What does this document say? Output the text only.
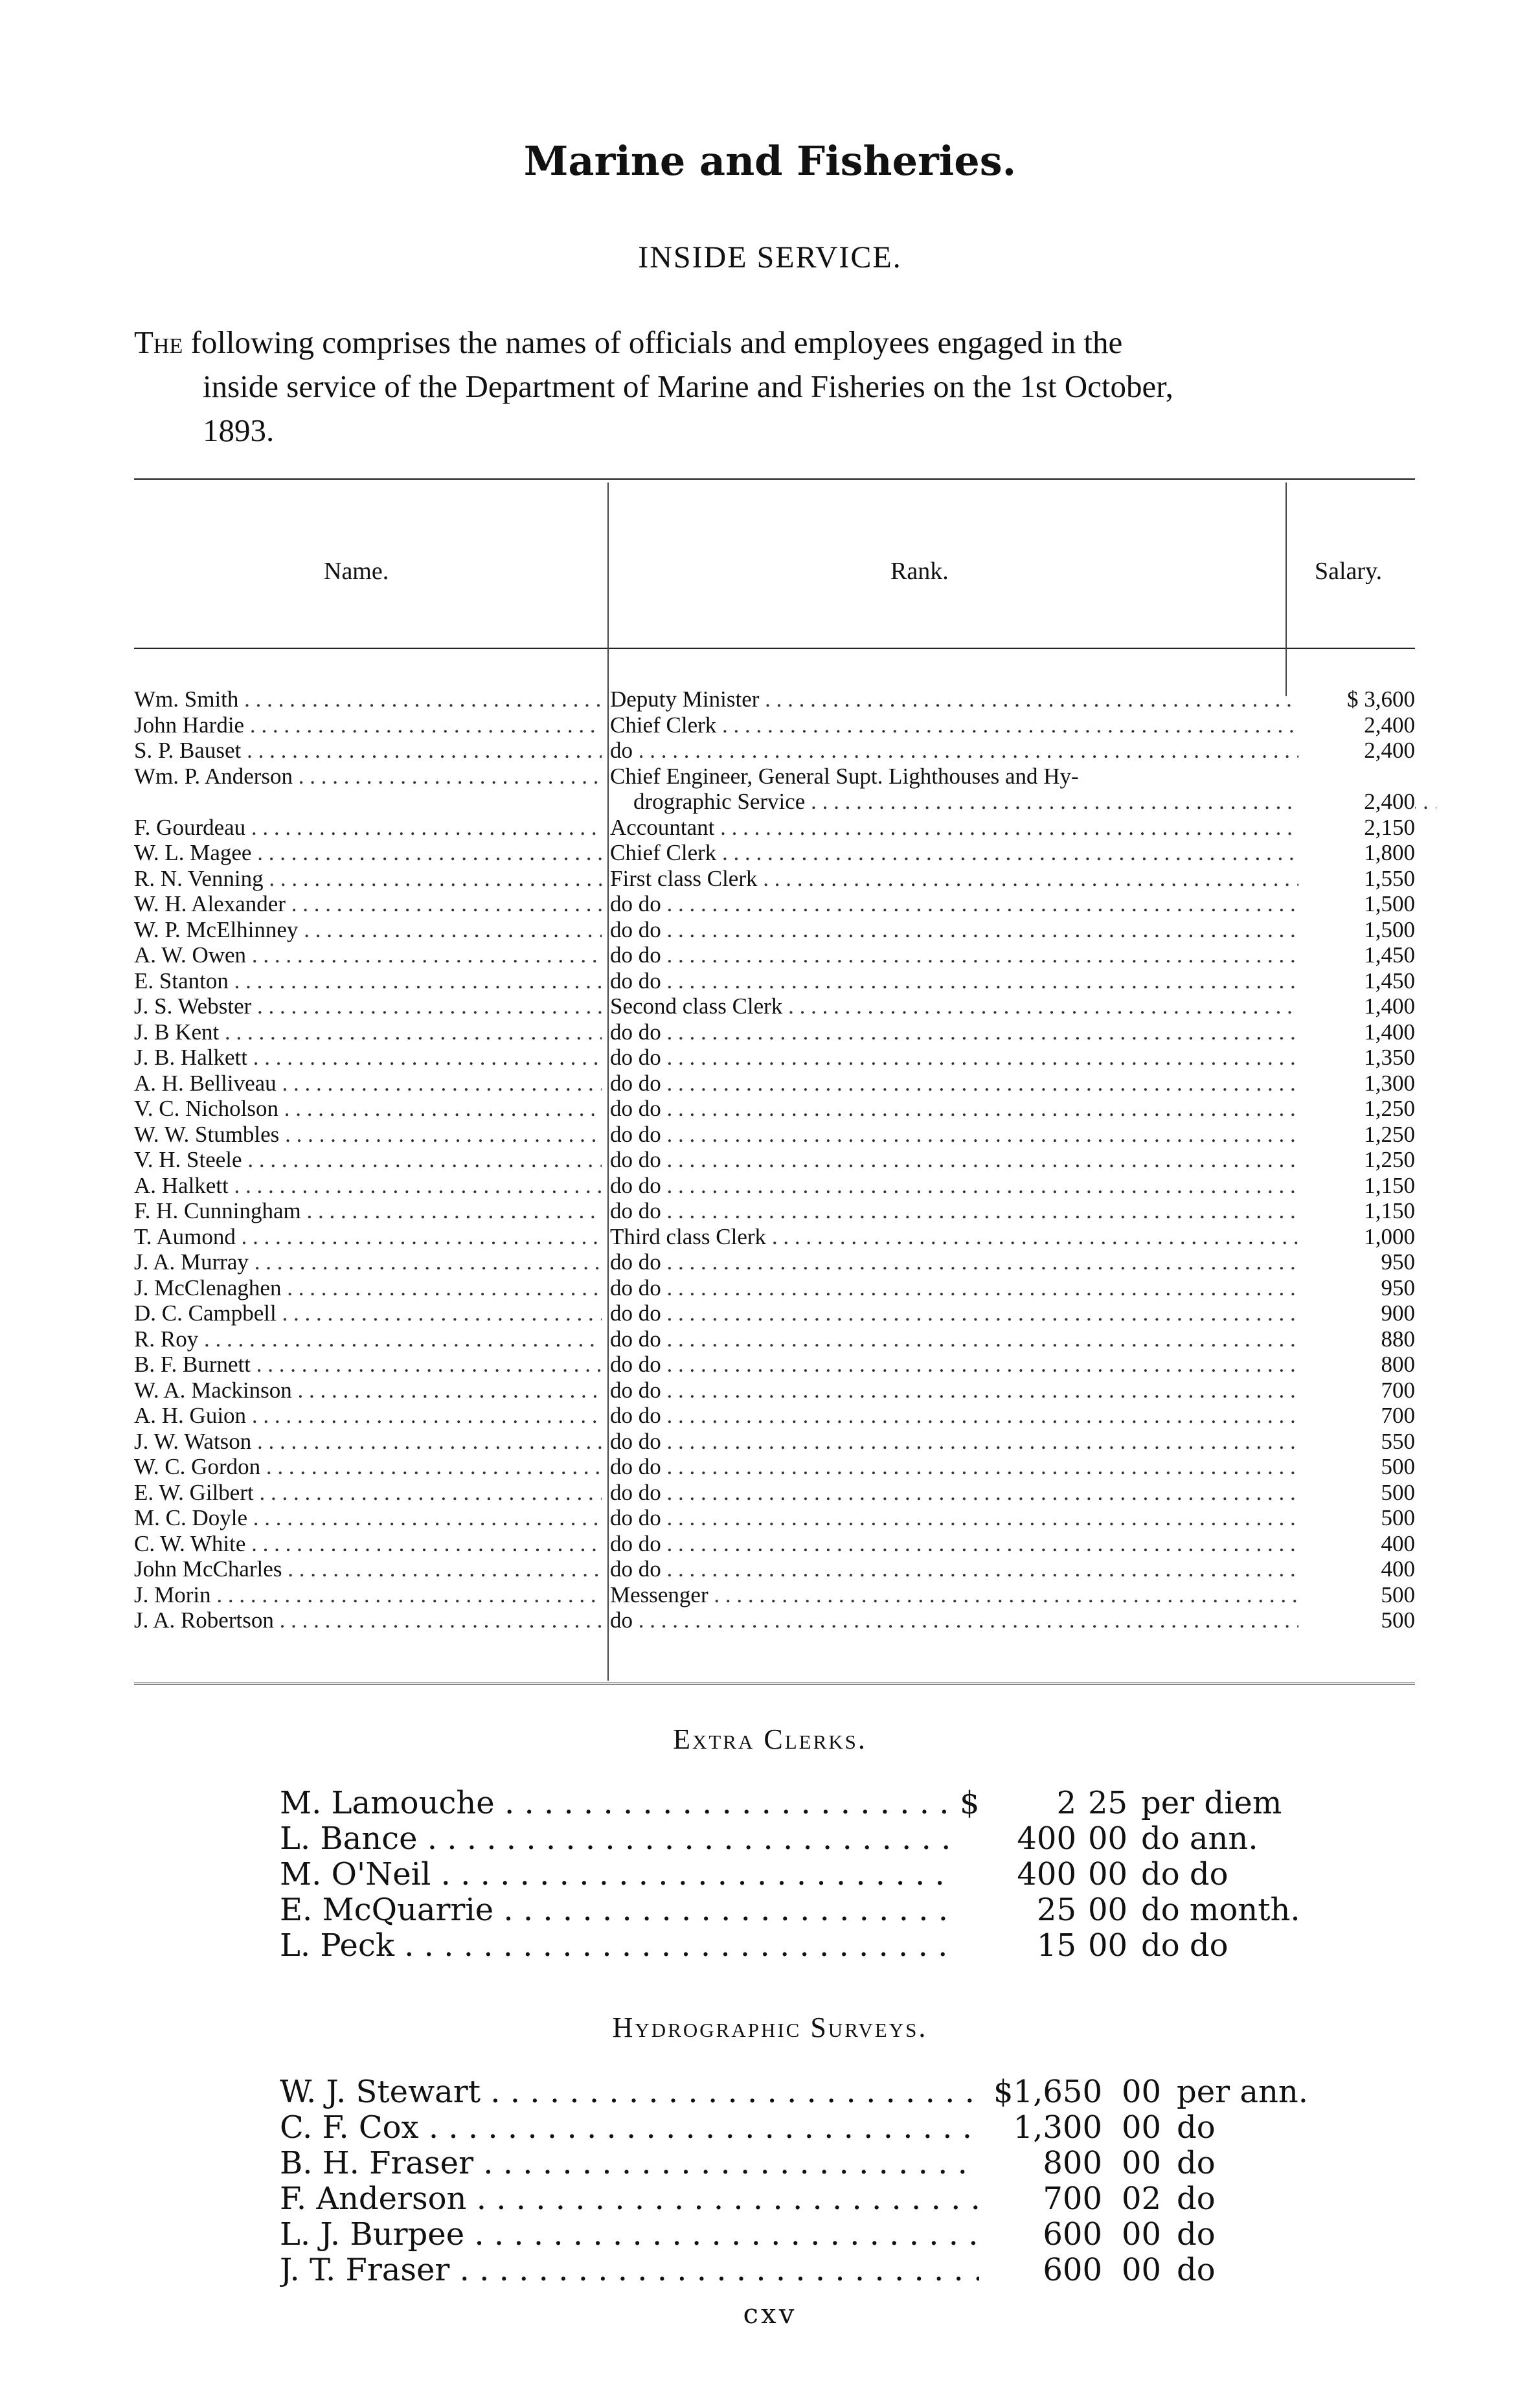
Marine and Fisheries.
INSIDE SERVICE.
The following comprises the names of officials and employees engaged in the
inside service of the Department of Marine and Fisheries on the 1st October,
1893.
Name.	Rank.	Salary.
Wm. Smith . . .	Deputy Minister . . .	$ 3,600
John Hardie . . .	Chief Clerk . . .	2,400
S. P. Bauset . . .	do . . .	2,400
Wm. P. Anderson . . .	Chief Engineer, General Supt. Lighthouses and Hy-
drographic Service . . .	2,400
F. Gourdeau . . .	Accountant . . .	2,150
W. L. Magee . . .	Chief Clerk . . .	1,800
R. N. Venning . . .	First class Clerk . . .	1,550
W. H. Alexander . . .	do do . . .	1,500
W. P. McElhinney . . .	do do . . .	1,500
A. W. Owen . . .	do do . . .	1,450
E. Stanton . . .	do do . . .	1,450
J. S. Webster . . .	Second class Clerk . . .	1,400
J. B Kent . . .	do do . . .	1,400
J. B. Halkett . . .	do do . . .	1,350
A. H. Belliveau . . .	do do . . .	1,300
V. C. Nicholson . . .	do do . . .	1,250
W. W. Stumbles . . .	do do . . .	1,250
V. H. Steele . . .	do do . . .	1,250
A. Halkett . . .	do do . . .	1,150
F. H. Cunningham . . .	do do . . .	1,150
T. Aumond . . .	Third class Clerk . . .	1,000
J. A. Murray . . .	do do . . .	950
J. McClenaghen . . .	do do . . .	950
D. C. Campbell . . .	do do . . .	900
R. Roy . . .	do do . . .	880
B. F. Burnett . . .	do do . . .	800
W. A. Mackinson . . .	do do . . .	700
A. H. Guion . . .	do do . . .	700
J. W. Watson . . .	do do . . .	550
W. C. Gordon . . .	do do . . .	500
E. W. Gilbert . . .	do do . . .	500
M. C. Doyle . . .	do do . . .	500
C. W. White . . .	do do . . .	400
John McCharles . . .	do do . . .	400
J. Morin . . .	Messenger . . .	500
J. A. Robertson . . .	do . . .	500
Extra Clerks.
M. Lamouche . . .	$	2 25 per diem
L. Bance . . .	400 00 do ann.
M. O'Neil . . .	400 00 do do
E. McQuarrie . . .	25 00 do month.
L. Peck . . .	15 00 do do
Hydrographic Surveys.
W. J. Stewart . . .	$1,650 00 per ann.
C. F. Cox . . .	1,300 00 do
B. H. Fraser . . .	800 00 do
F. Anderson . . .	700 02 do
L. J. Burpee . . .	600 00 do
J. T. Fraser . . .	600 00 do
cxv
